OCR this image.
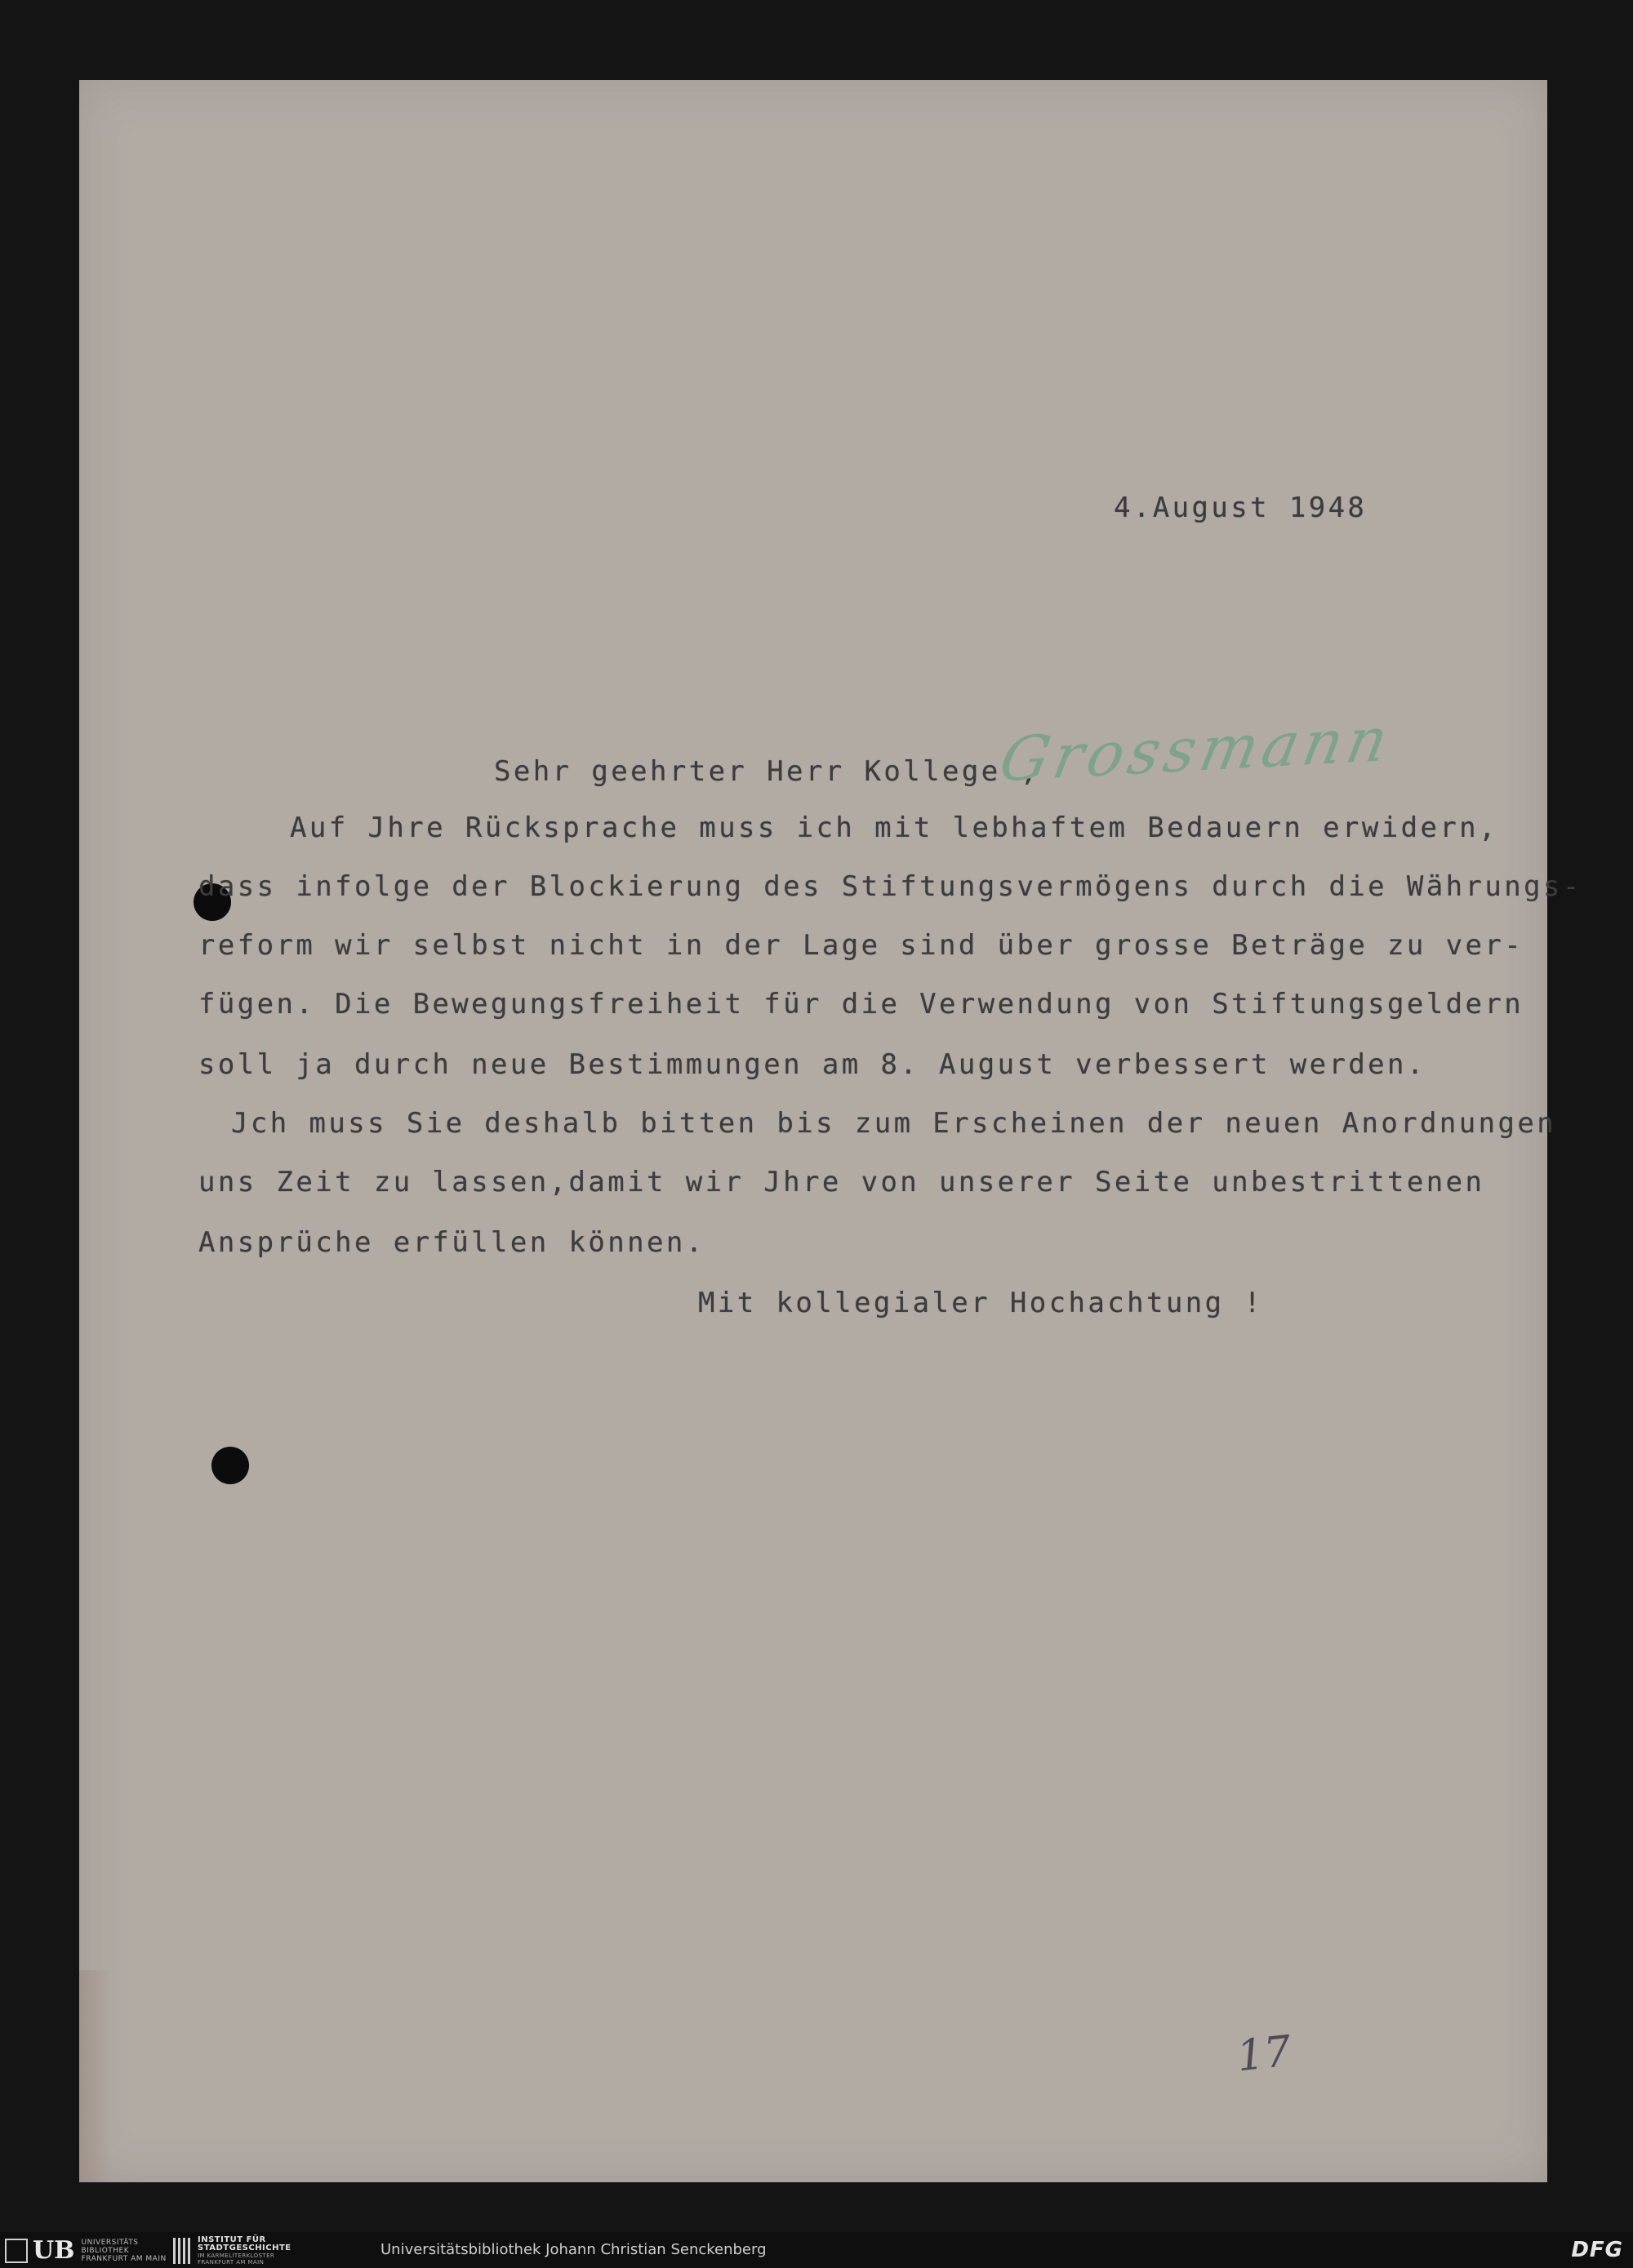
4.August 1948
Sehr geehrter Herr Kollege ,
Grossmann
Auf Jhre Rücksprache muss ich mit lebhaftem Bedauern erwidern,
dass infolge der Blockierung des Stiftungsvermögens durch die Währungs-
reform wir selbst nicht in der Lage sind über grosse Beträge zu ver-
fügen. Die Bewegungsfreiheit für die Verwendung von Stiftungsgeldern
soll ja durch neue Bestimmungen am 8. August verbessert werden.
Jch muss Sie deshalb bitten bis zum Erscheinen der neuen Anordnungen
uns Zeit zu lassen,damit wir Jhre von unserer Seite unbestrittenen
Ansprüche erfüllen können.
Mit kollegialer Hochachtung !
17
UB UNIVERSITÄTS
BIBLIOTHEK
FRANKFURT AM MAIN
INSTITUT FÜR
STADTGESCHICHTE
IM KARMELITERKLOSTER
FRANKFURT AM MAIN
Universitätsbibliothek Johann Christian Senckenberg	DFG
